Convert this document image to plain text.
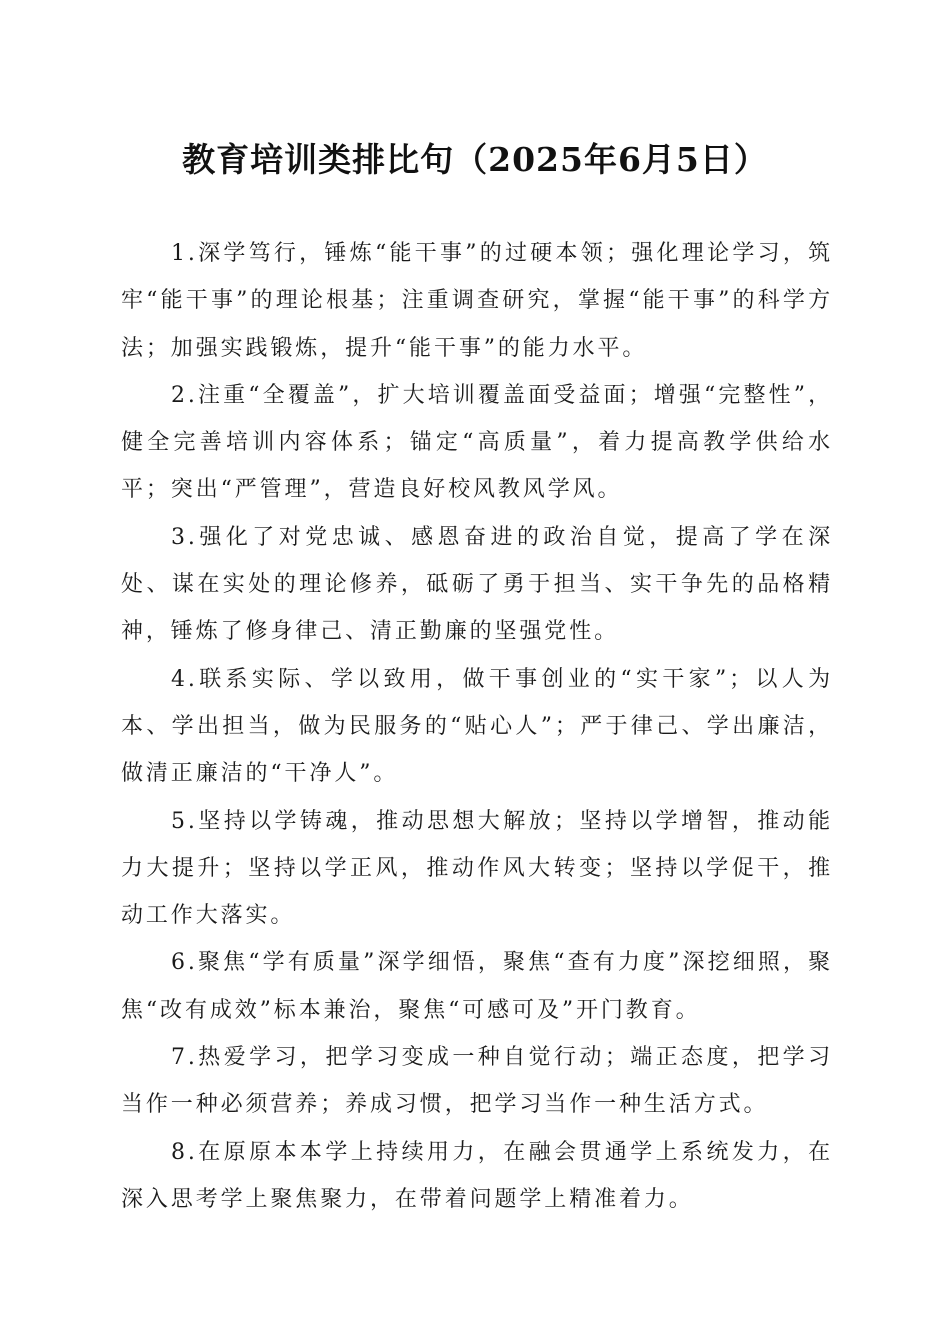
教育培训类排比句（2025年6月5日）

1.深学笃行，锤炼“能干事”的过硬本领；强化理论学习，筑牢“能干事”的理论根基；注重调查研究，掌握“能干事”的科学方法；加强实践锻炼，提升“能干事”的能力水平。

2.注重“全覆盖”，扩大培训覆盖面受益面；增强“完整性”，健全完善培训内容体系；锚定“高质量”，着力提高教学供给水平；突出“严管理”，营造良好校风教风学风。

3.强化了对党忠诚、感恩奋进的政治自觉，提高了学在深处、谋在实处的理论修养，砥砺了勇于担当、实干争先的品格精神，锤炼了修身律己、清正勤廉的坚强党性。

4.联系实际、学以致用，做干事创业的“实干家”；以人为本、学出担当，做为民服务的“贴心人”；严于律己、学出廉洁，做清正廉洁的“干净人”。

5.坚持以学铸魂，推动思想大解放；坚持以学增智，推动能力大提升；坚持以学正风，推动作风大转变；坚持以学促干，推动工作大落实。

6.聚焦“学有质量”深学细悟，聚焦“查有力度”深挖细照，聚焦“改有成效”标本兼治，聚焦“可感可及”开门教育。

7.热爱学习，把学习变成一种自觉行动；端正态度，把学习当作一种必须营养；养成习惯，把学习当作一种生活方式。

8.在原原本本学上持续用力，在融会贯通学上系统发力，在深入思考学上聚焦聚力，在带着问题学上精准着力。
